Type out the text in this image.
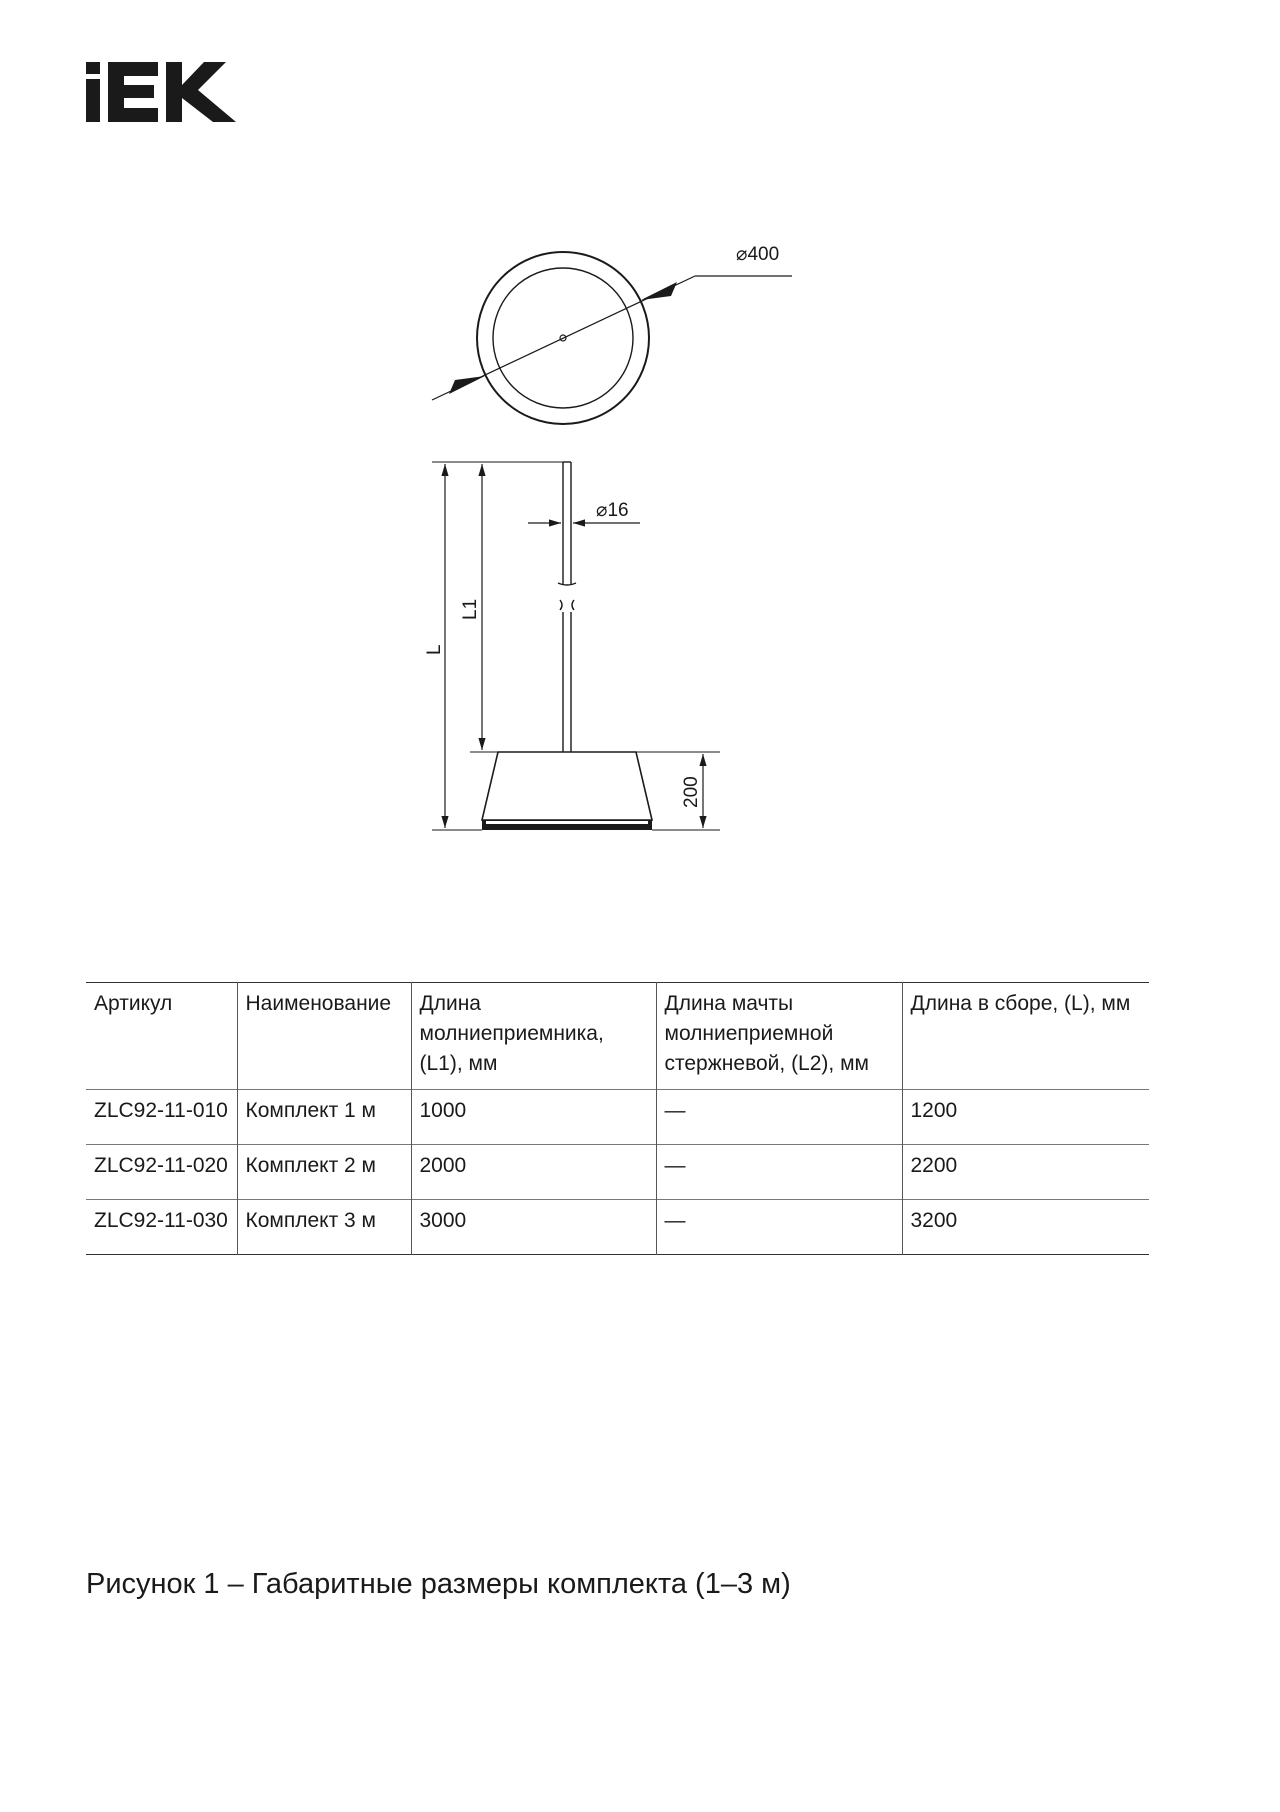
⌀400
⌀16
L
L1
200
Артикул	Наименование	Длина молниеприемника, (L1), мм	Длина мачты молниеприемной стержневой, (L2), мм	Длина в сборе, (L), мм
ZLC92-11-010	Комплект 1 м	1000	—	1200
ZLC92-11-020	Комплект 2 м	2000	—	2200
ZLC92-11-030	Комплект 3 м	3000	—	3200
Рисунок 1 – Габаритные размеры комплекта (1–3 м)
